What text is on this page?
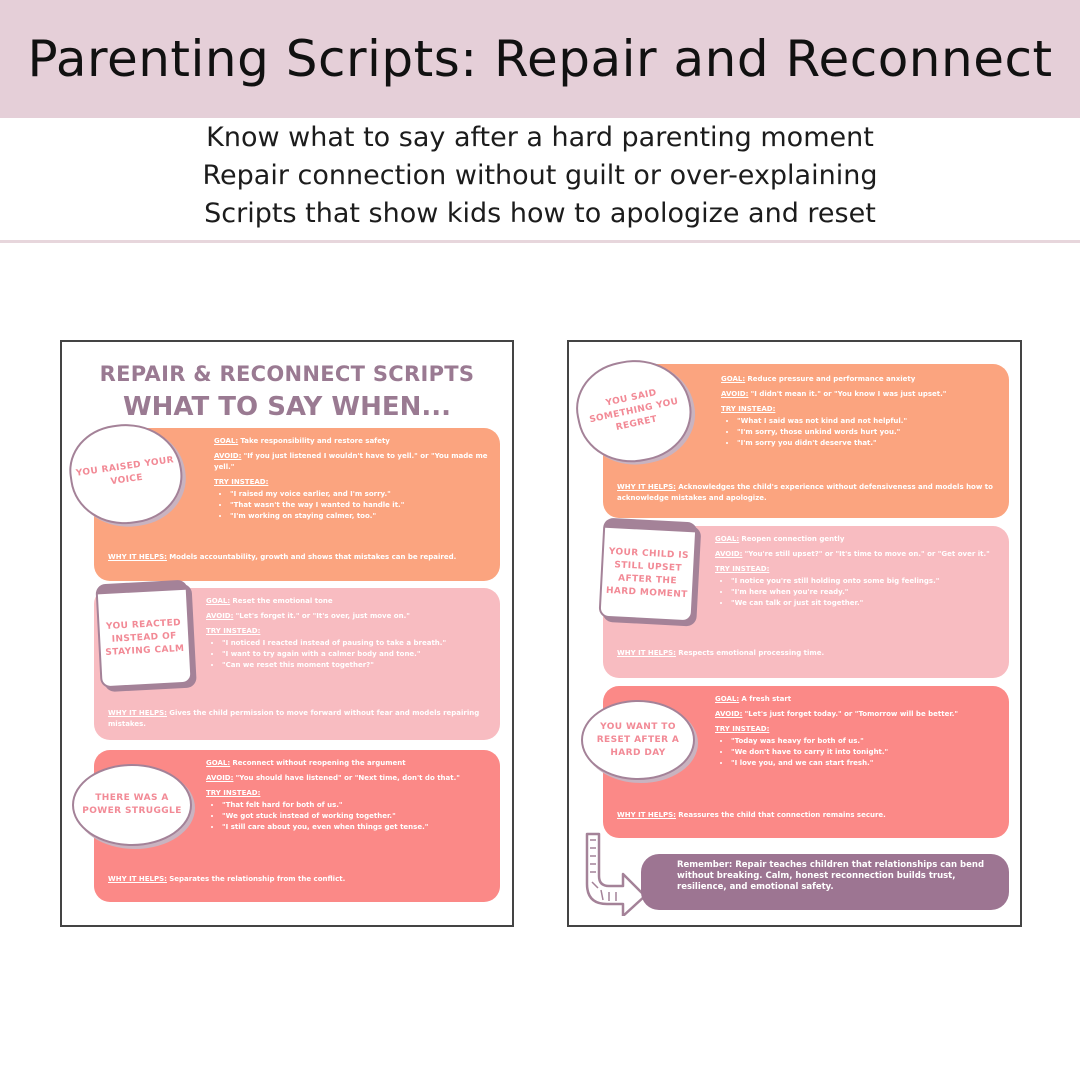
Parenting Scripts: Repair and Reconnect
Know what to say after a hard parenting moment
Repair connection without guilt or over-explaining
Scripts that show kids how to apologize and reset
REPAIR & RECONNECT SCRIPTS
WHAT TO SAY WHEN...

GOAL: Take responsibility and restore safety

AVOID: "If you just listened I wouldn't have to yell." or "You made me yell."

TRY INSTEAD:

• "I raised my voice earlier, and I'm sorry."
• "That wasn't the way I wanted to handle it."
• "I'm working on staying calmer, too."

WHY IT HELPS: Models accountability, growth and shows that mistakes can be repaired.

YOU RAISED YOUR VOICE

GOAL: Reset the emotional tone

AVOID: "Let's forget it." or "It's over, just move on."

TRY INSTEAD:

• "I noticed I reacted instead of pausing to take a breath."
• "I want to try again with a calmer body and tone."
• "Can we reset this moment together?"

WHY IT HELPS: Gives the child permission to move forward without fear and models repairing mistakes.

YOU REACTED INSTEAD OF STAYING CALM

GOAL: Reconnect without reopening the argument

AVOID: "You should have listened" or "Next time, don't do that."

TRY INSTEAD:

• "That felt hard for both of us."
• "We got stuck instead of working together."
• "I still care about you, even when things get tense."

WHY IT HELPS: Separates the relationship from the conflict.

THERE WAS A POWER STRUGGLE

GOAL: Reduce pressure and performance anxiety

AVOID: "I didn't mean it." or "You know I was just upset."

TRY INSTEAD:

• "What I said was not kind and not helpful."
• "I'm sorry, those unkind words hurt you."
• "I'm sorry you didn't deserve that."

WHY IT HELPS: Acknowledges the child's experience without defensiveness and models how to acknowledge mistakes and apologize.

YOU SAID SOMETHING YOU REGRET

GOAL: Reopen connection gently

AVOID: "You're still upset?" or "It's time to move on." or "Get over it."

TRY INSTEAD:

• "I notice you're still holding onto some big feelings."
• "I'm here when you're ready."
• "We can talk or just sit together."

WHY IT HELPS: Respects emotional processing time.

YOUR CHILD IS STILL UPSET AFTER THE HARD MOMENT

GOAL: A fresh start

AVOID: "Let's just forget today." or "Tomorrow will be better."

TRY INSTEAD:

• "Today was heavy for both of us."
• "We don't have to carry it into tonight."
• "I love you, and we can start fresh."

WHY IT HELPS: Reassures the child that connection remains secure.

YOU WANT TO RESET AFTER A HARD DAY
Remember: Repair teaches children that relationships can bend without breaking. Calm, honest reconnection builds trust, resilience, and emotional safety.
